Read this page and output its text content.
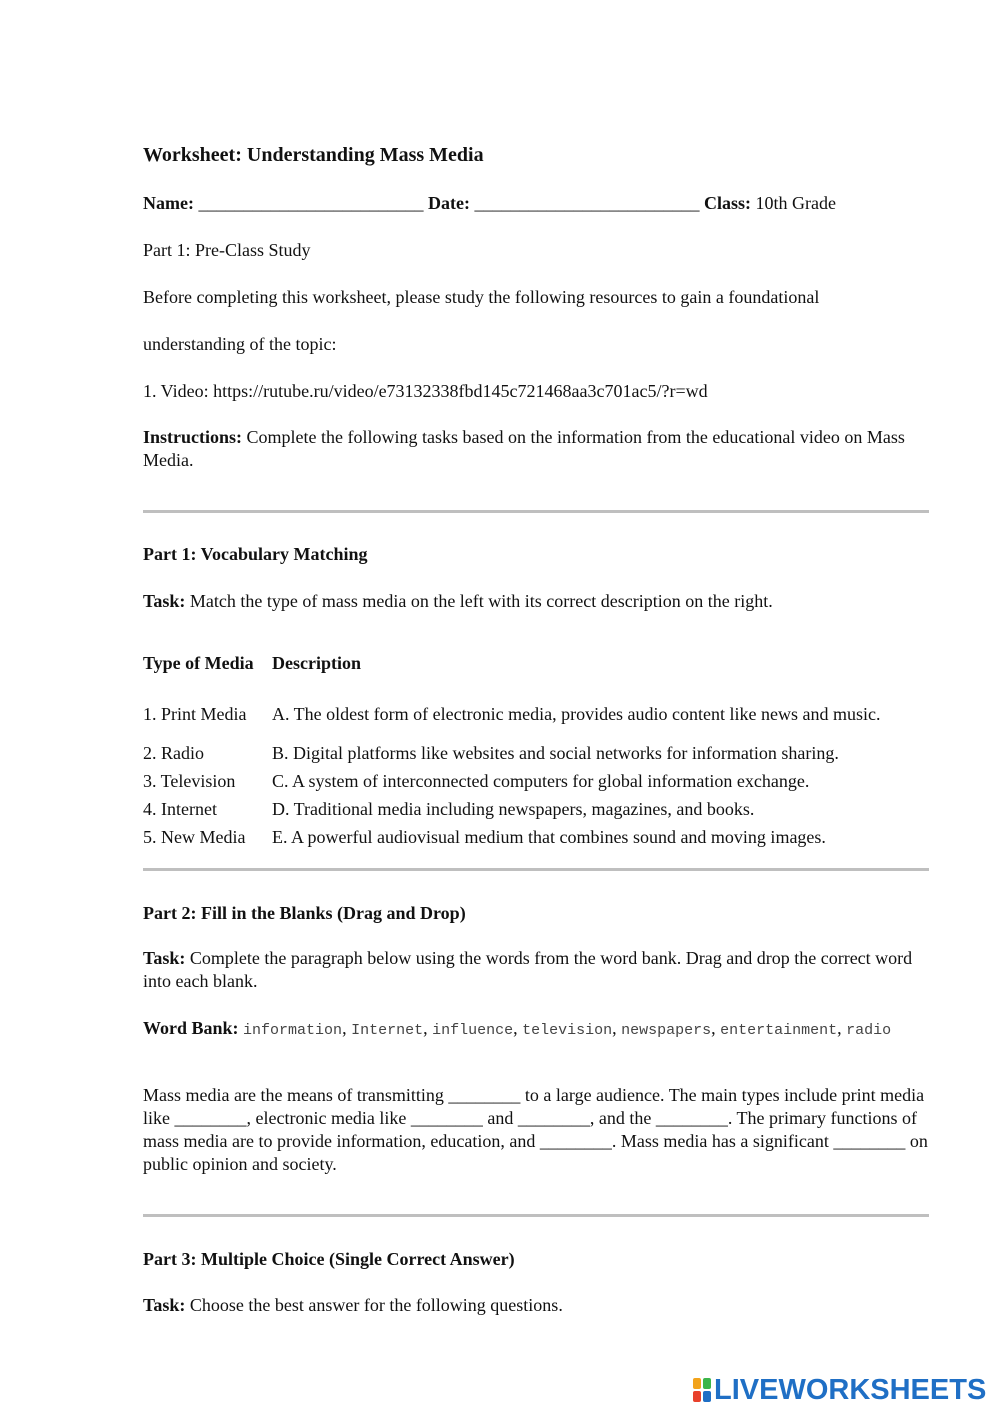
Worksheet: Understanding Mass Media
Name: _________________________ Date: _________________________ Class: 10th Grade
Part 1: Pre-Class Study
Before completing this worksheet, please study the following resources to gain a foundational
understanding of the topic:
1. Video: https://rutube.ru/video/e73132338fbd145c721468aa3c701ac5/?r=wd
Instructions: Complete the following tasks based on the information from the educational video on Mass Media.
Part 1: Vocabulary Matching
Task: Match the type of mass media on the left with its correct description on the right.
Type of Media	Description
1. Print Media	A. The oldest form of electronic media, provides audio content like news and music.
2. Radio	B. Digital platforms like websites and social networks for information sharing.
3. Television	C. A system of interconnected computers for global information exchange.
4. Internet	D. Traditional media including newspapers, magazines, and books.
5. New Media	E. A powerful audiovisual medium that combines sound and moving images.
Part 2: Fill in the Blanks (Drag and Drop)
Task: Complete the paragraph below using the words from the word bank. Drag and drop the correct word into each blank.
Word Bank: information, Internet, influence, television, newspapers, entertainment, radio
Mass media are the means of transmitting ________ to a large audience. The main types include print media like ________, electronic media like ________ and ________, and the ________. The primary functions of mass media are to provide information, education, and ________. Mass media has a significant ________ on public opinion and society.
Part 3: Multiple Choice (Single Correct Answer)
Task: Choose the best answer for the following questions.
LIVEWORKSHEETS
